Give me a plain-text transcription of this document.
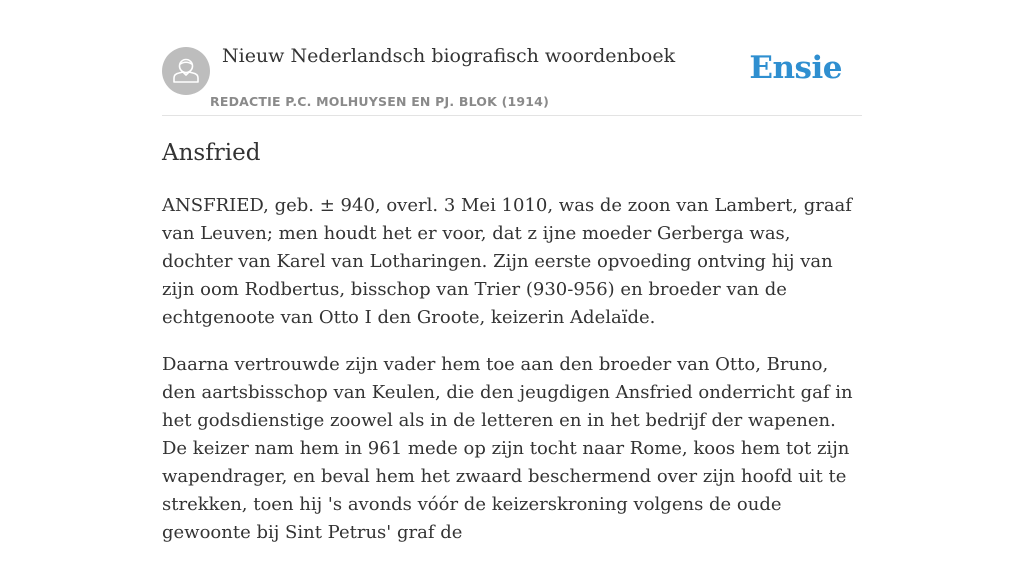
Nieuw Nederlandsch biografisch woordenboek
REDACTIE P.C. MOLHUYSEN EN PJ. BLOK (1914)
Ensie
Ansfried

ANSFRIED, geb. ± 940, overl. 3 Mei 1010, was de zoon van Lambert, graaf van Leuven; men houdt het er voor, dat z ijne moeder Gerberga was, dochter van Karel van Lotharingen. Zijn eerste opvoeding ontving hij van zijn oom Rodbertus, bisschop van Trier (930-956) en broeder van de echtgenoote van Otto I den Groote, keizerin Adelaïde.

Daarna vertrouwde zijn vader hem toe aan den broeder van Otto, Bruno, den aartsbisschop van Keulen, die den jeugdigen Ansfried onderricht gaf in het godsdienstige zoowel als in de letteren en in het bedrijf der wapenen. De keizer nam hem in 961 mede op zijn tocht naar Rome, koos hem tot zijn wapendrager, en beval hem het zwaard beschermend over zijn hoofd uit te strekken, toen hij 's avonds vóór de keizerskroning volgens de oude gewoonte bij Sint Petrus' graf de
